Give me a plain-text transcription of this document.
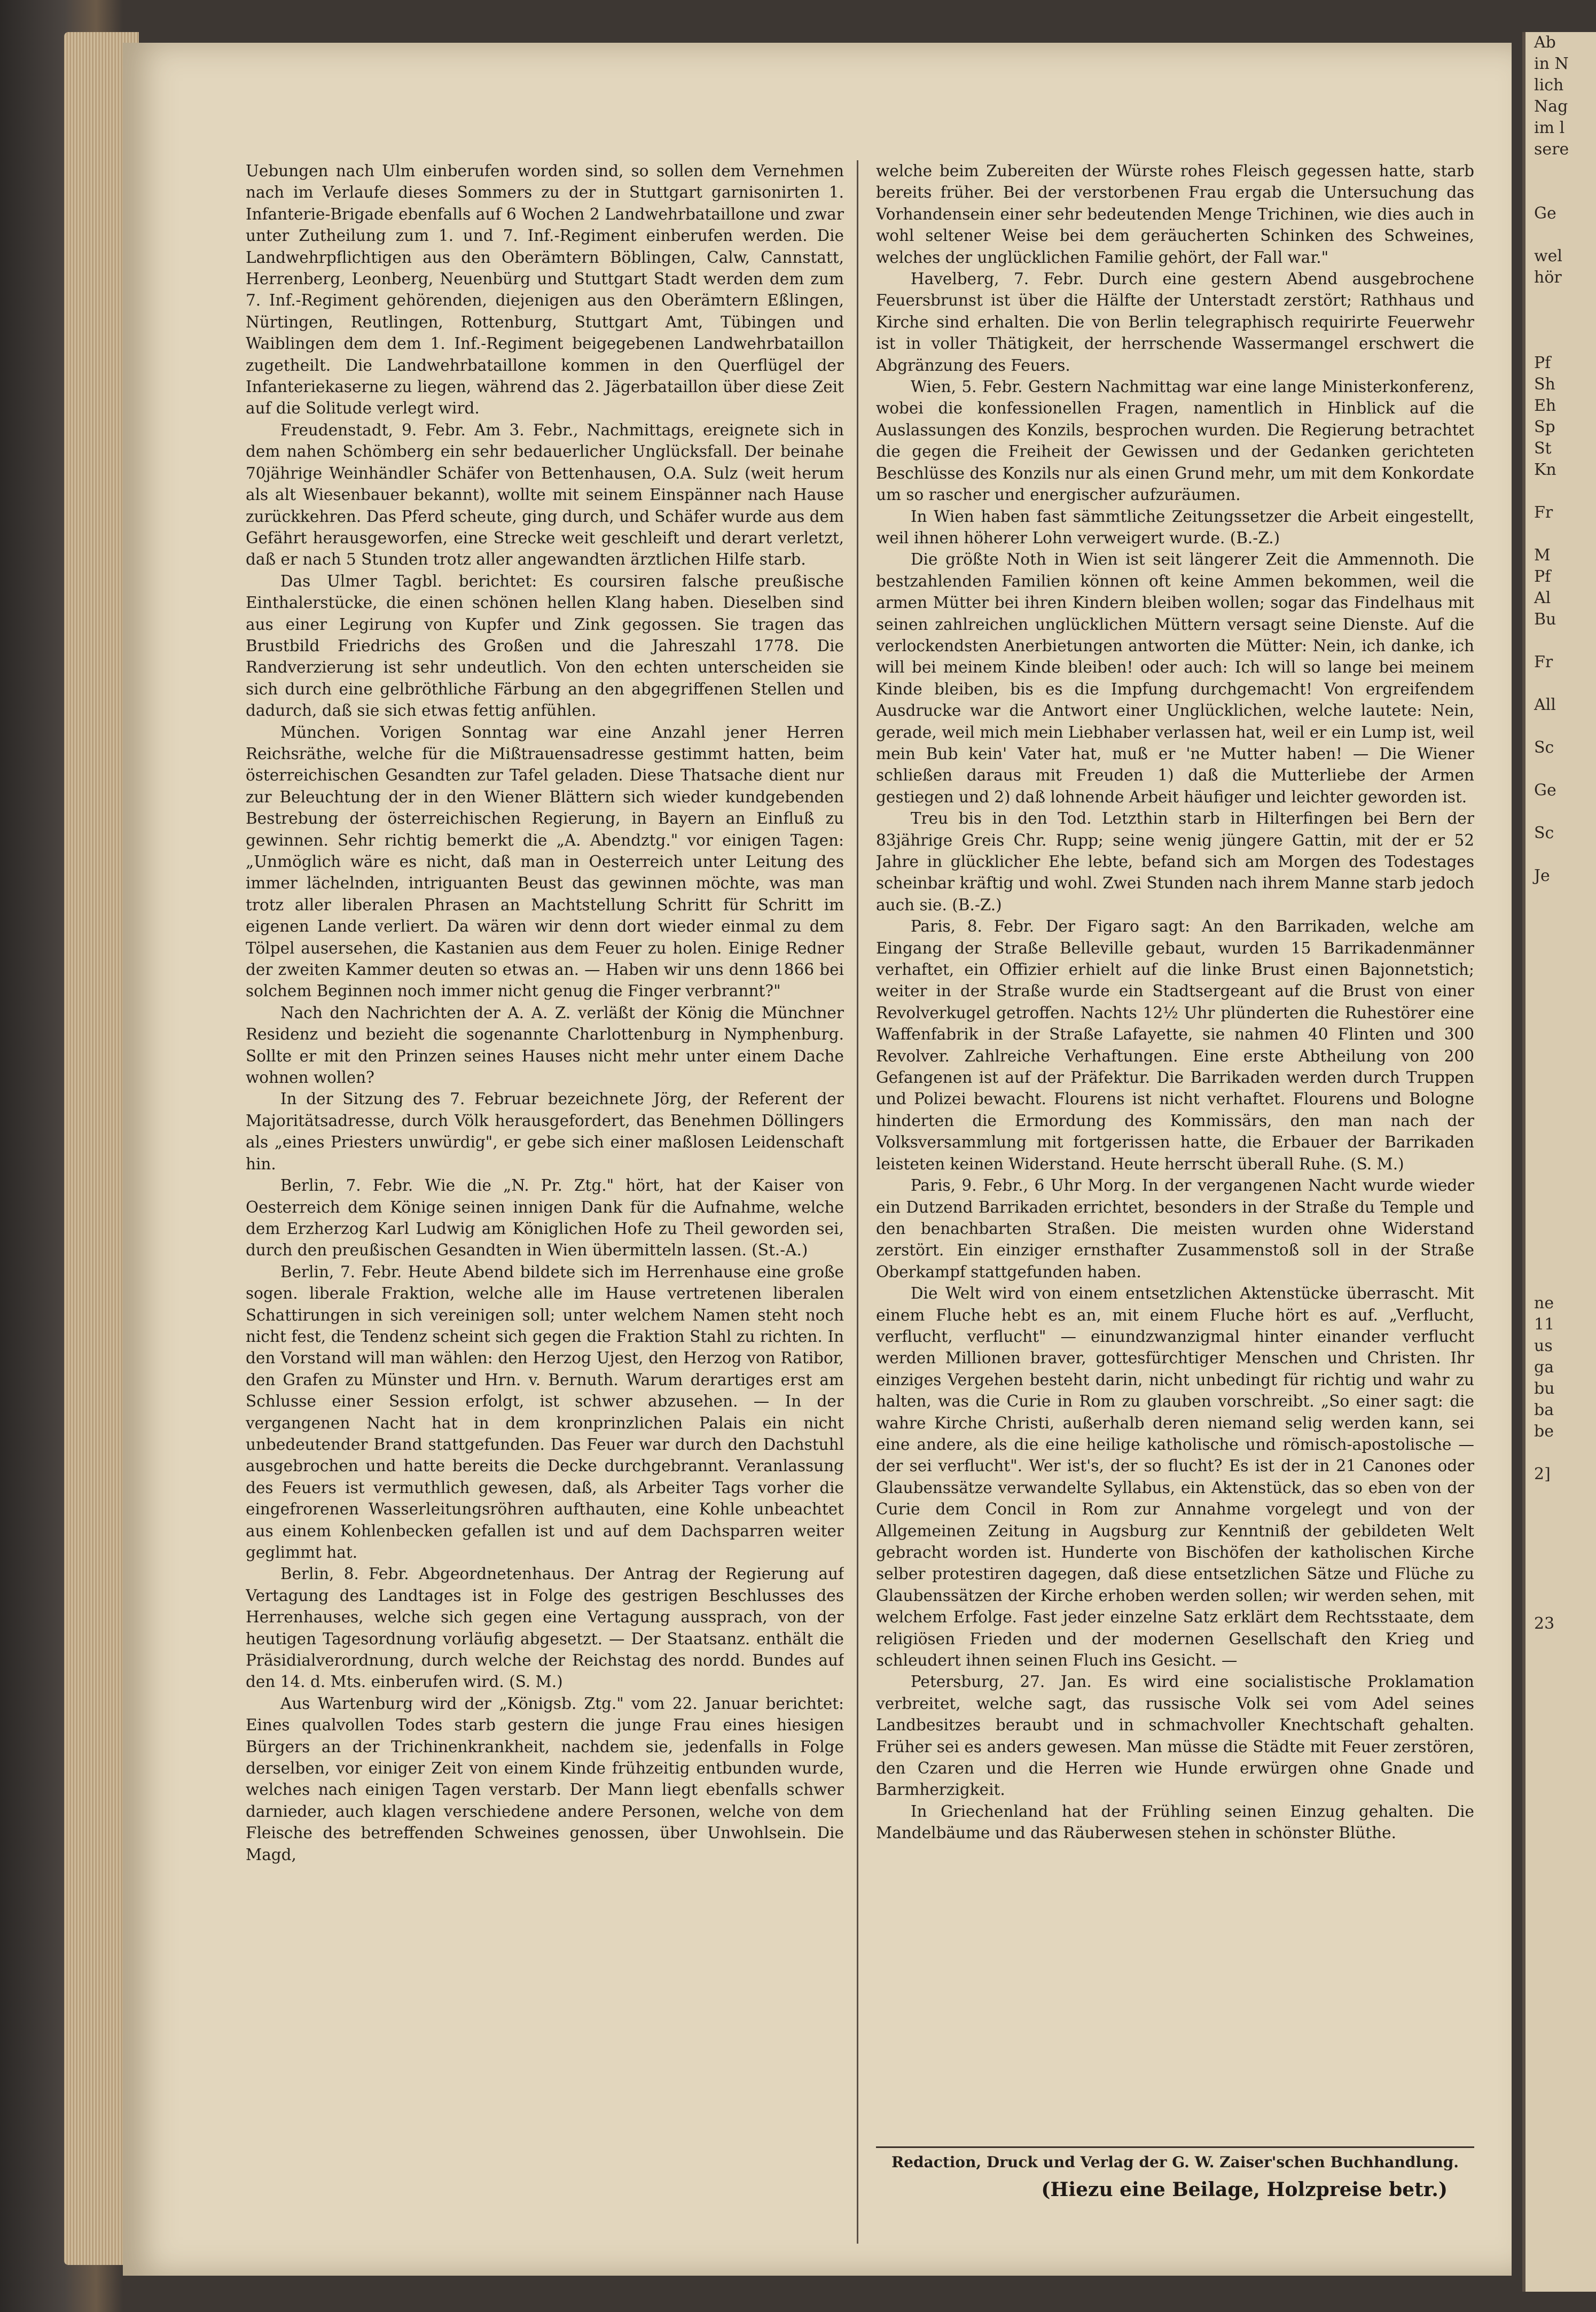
Uebungen nach Ulm einberufen worden sind, so sollen dem Vernehmen nach im Verlaufe dieses Sommers zu der in Stuttgart garnisonirten 1. Infanterie-Brigade ebenfalls auf 6 Wochen 2 Landwehrbataillone und zwar unter Zutheilung zum 1. und 7. Inf.-Regiment einberufen werden. Die Landwehrpflichtigen aus den Oberämtern Böblingen, Calw, Cannstatt, Herrenberg, Leonberg, Neuenbürg und Stuttgart Stadt werden dem zum 7. Inf.-Regiment gehörenden, diejenigen aus den Oberämtern Eßlingen, Nürtingen, Reutlingen, Rottenburg, Stuttgart Amt, Tübingen und Waiblingen dem dem 1. Inf.-Regiment beigegebenen Landwehrbataillon zugetheilt. Die Landwehrbataillone kommen in den Querflügel der Infanteriekaserne zu liegen, während das 2. Jägerbataillon über diese Zeit auf die Solitude verlegt wird.

Freudenstadt, 9. Febr. Am 3. Febr., Nachmittags, ereignete sich in dem nahen Schömberg ein sehr bedauerlicher Unglücksfall. Der beinahe 70jährige Weinhändler Schäfer von Bettenhausen, O.A. Sulz (weit herum als alt Wiesenbauer bekannt), wollte mit seinem Einspänner nach Hause zurückkehren. Das Pferd scheute, ging durch, und Schäfer wurde aus dem Gefährt herausgeworfen, eine Strecke weit geschleift und derart verletzt, daß er nach 5 Stunden trotz aller angewandten ärztlichen Hilfe starb.

Das Ulmer Tagbl. berichtet: Es coursiren falsche preußische Einthalerstücke, die einen schönen hellen Klang haben. Dieselben sind aus einer Legirung von Kupfer und Zink gegossen. Sie tragen das Brustbild Friedrichs des Großen und die Jahreszahl 1778. Die Randverzierung ist sehr undeutlich. Von den echten unterscheiden sie sich durch eine gelbröthliche Färbung an den abgegriffenen Stellen und dadurch, daß sie sich etwas fettig anfühlen.

München. Vorigen Sonntag war eine Anzahl jener Herren Reichsräthe, welche für die Mißtrauensadresse gestimmt hatten, beim österreichischen Gesandten zur Tafel geladen. Diese Thatsache dient nur zur Beleuchtung der in den Wiener Blättern sich wieder kundgebenden Bestrebung der österreichischen Regierung, in Bayern an Einfluß zu gewinnen. Sehr richtig bemerkt die „A. Abendztg." vor einigen Tagen: „Unmöglich wäre es nicht, daß man in Oesterreich unter Leitung des immer lächelnden, intriguanten Beust das gewinnen möchte, was man trotz aller liberalen Phrasen an Machtstellung Schritt für Schritt im eigenen Lande verliert. Da wären wir denn dort wieder einmal zu dem Tölpel ausersehen, die Kastanien aus dem Feuer zu holen. Einige Redner der zweiten Kammer deuten so etwas an. — Haben wir uns denn 1866 bei solchem Beginnen noch immer nicht genug die Finger verbrannt?"

Nach den Nachrichten der A. A. Z. verläßt der König die Münchner Residenz und bezieht die sogenannte Charlottenburg in Nymphenburg. Sollte er mit den Prinzen seines Hauses nicht mehr unter einem Dache wohnen wollen?

In der Sitzung des 7. Februar bezeichnete Jörg, der Referent der Majoritätsadresse, durch Völk herausgefordert, das Benehmen Döllingers als „eines Priesters unwürdig", er gebe sich einer maßlosen Leidenschaft hin.

Berlin, 7. Febr. Wie die „N. Pr. Ztg." hört, hat der Kaiser von Oesterreich dem Könige seinen innigen Dank für die Aufnahme, welche dem Erzherzog Karl Ludwig am Königlichen Hofe zu Theil geworden sei, durch den preußischen Gesandten in Wien übermitteln lassen. (St.-A.)

Berlin, 7. Febr. Heute Abend bildete sich im Herrenhause eine große sogen. liberale Fraktion, welche alle im Hause vertretenen liberalen Schattirungen in sich vereinigen soll; unter welchem Namen steht noch nicht fest, die Tendenz scheint sich gegen die Fraktion Stahl zu richten. In den Vorstand will man wählen: den Herzog Ujest, den Herzog von Ratibor, den Grafen zu Münster und Hrn. v. Bernuth. Warum derartiges erst am Schlusse einer Session erfolgt, ist schwer abzusehen. — In der vergangenen Nacht hat in dem kronprinzlichen Palais ein nicht unbedeutender Brand stattgefunden. Das Feuer war durch den Dachstuhl ausgebrochen und hatte bereits die Decke durchgebrannt. Veranlassung des Feuers ist vermuthlich gewesen, daß, als Arbeiter Tags vorher die eingefrorenen Wasserleitungsröhren aufthauten, eine Kohle unbeachtet aus einem Kohlenbecken gefallen ist und auf dem Dachsparren weiter geglimmt hat.

Berlin, 8. Febr. Abgeordnetenhaus. Der Antrag der Regierung auf Vertagung des Landtages ist in Folge des gestrigen Beschlusses des Herrenhauses, welche sich gegen eine Vertagung aussprach, von der heutigen Tagesordnung vorläufig abgesetzt. — Der Staatsanz. enthält die Präsidialverordnung, durch welche der Reichstag des nordd. Bundes auf den 14. d. Mts. einberufen wird. (S. M.)

Aus Wartenburg wird der „Königsb. Ztg." vom 22. Januar berichtet: Eines qualvollen Todes starb gestern die junge Frau eines hiesigen Bürgers an der Trichinenkrankheit, nachdem sie, jedenfalls in Folge derselben, vor einiger Zeit von einem Kinde frühzeitig entbunden wurde, welches nach einigen Tagen verstarb. Der Mann liegt ebenfalls schwer darnieder, auch klagen verschiedene andere Personen, welche von dem Fleische des betreffenden Schweines genossen, über Unwohlsein. Die Magd,

welche beim Zubereiten der Würste rohes Fleisch gegessen hatte, starb bereits früher. Bei der verstorbenen Frau ergab die Untersuchung das Vorhandensein einer sehr bedeutenden Menge Trichinen, wie dies auch in wohl seltener Weise bei dem geräucherten Schinken des Schweines, welches der unglücklichen Familie gehört, der Fall war."

Havelberg, 7. Febr. Durch eine gestern Abend ausgebrochene Feuersbrunst ist über die Hälfte der Unterstadt zerstört; Rathhaus und Kirche sind erhalten. Die von Berlin telegraphisch requirirte Feuerwehr ist in voller Thätigkeit, der herrschende Wassermangel erschwert die Abgränzung des Feuers.

Wien, 5. Febr. Gestern Nachmittag war eine lange Ministerkonferenz, wobei die konfessionellen Fragen, namentlich in Hinblick auf die Auslassungen des Konzils, besprochen wurden. Die Regierung betrachtet die gegen die Freiheit der Gewissen und der Gedanken gerichteten Beschlüsse des Konzils nur als einen Grund mehr, um mit dem Konkordate um so rascher und energischer aufzuräumen.

In Wien haben fast sämmtliche Zeitungssetzer die Arbeit eingestellt, weil ihnen höherer Lohn verweigert wurde. (B.-Z.)

Die größte Noth in Wien ist seit längerer Zeit die Ammennoth. Die bestzahlenden Familien können oft keine Ammen bekommen, weil die armen Mütter bei ihren Kindern bleiben wollen; sogar das Findelhaus mit seinen zahlreichen unglücklichen Müttern versagt seine Dienste. Auf die verlockendsten Anerbietungen antworten die Mütter: Nein, ich danke, ich will bei meinem Kinde bleiben! oder auch: Ich will so lange bei meinem Kinde bleiben, bis es die Impfung durchgemacht! Von ergreifendem Ausdrucke war die Antwort einer Unglücklichen, welche lautete: Nein, gerade, weil mich mein Liebhaber verlassen hat, weil er ein Lump ist, weil mein Bub kein' Vater hat, muß er 'ne Mutter haben! — Die Wiener schließen daraus mit Freuden 1) daß die Mutterliebe der Armen gestiegen und 2) daß lohnende Arbeit häufiger und leichter geworden ist.

Treu bis in den Tod. Letzthin starb in Hilterfingen bei Bern der 83jährige Greis Chr. Rupp; seine wenig jüngere Gattin, mit der er 52 Jahre in glücklicher Ehe lebte, befand sich am Morgen des Todestages scheinbar kräftig und wohl. Zwei Stunden nach ihrem Manne starb jedoch auch sie. (B.-Z.)

Paris, 8. Febr. Der Figaro sagt: An den Barrikaden, welche am Eingang der Straße Belleville gebaut, wurden 15 Barrikadenmänner verhaftet, ein Offizier erhielt auf die linke Brust einen Bajonnetstich; weiter in der Straße wurde ein Stadtsergeant auf die Brust von einer Revolverkugel getroffen. Nachts 12½ Uhr plünderten die Ruhestörer eine Waffenfabrik in der Straße Lafayette, sie nahmen 40 Flinten und 300 Revolver. Zahlreiche Verhaftungen. Eine erste Abtheilung von 200 Gefangenen ist auf der Präfektur. Die Barrikaden werden durch Truppen und Polizei bewacht. Flourens ist nicht verhaftet. Flourens und Bologne hinderten die Ermordung des Kommissärs, den man nach der Volksversammlung mit fortgerissen hatte, die Erbauer der Barrikaden leisteten keinen Widerstand. Heute herrscht überall Ruhe. (S. M.)

Paris, 9. Febr., 6 Uhr Morg. In der vergangenen Nacht wurde wieder ein Dutzend Barrikaden errichtet, besonders in der Straße du Temple und den benachbarten Straßen. Die meisten wurden ohne Widerstand zerstört. Ein einziger ernsthafter Zusammenstoß soll in der Straße Oberkampf stattgefunden haben.

Die Welt wird von einem entsetzlichen Aktenstücke überrascht. Mit einem Fluche hebt es an, mit einem Fluche hört es auf. „Verflucht, verflucht, verflucht" — einundzwanzigmal hinter einander verflucht werden Millionen braver, gottesfürchtiger Menschen und Christen. Ihr einziges Vergehen besteht darin, nicht unbedingt für richtig und wahr zu halten, was die Curie in Rom zu glauben vorschreibt. „So einer sagt: die wahre Kirche Christi, außerhalb deren niemand selig werden kann, sei eine andere, als die eine heilige katholische und römisch-apostolische — der sei verflucht". Wer ist's, der so flucht? Es ist der in 21 Canones oder Glaubenssätze verwandelte Syllabus, ein Aktenstück, das so eben von der Curie dem Concil in Rom zur Annahme vorgelegt und von der Allgemeinen Zeitung in Augsburg zur Kenntniß der gebildeten Welt gebracht worden ist. Hunderte von Bischöfen der katholischen Kirche selber protestiren dagegen, daß diese entsetzlichen Sätze und Flüche zu Glaubenssätzen der Kirche erhoben werden sollen; wir werden sehen, mit welchem Erfolge. Fast jeder einzelne Satz erklärt dem Rechtsstaate, dem religiösen Frieden und der modernen Gesellschaft den Krieg und schleudert ihnen seinen Fluch ins Gesicht. —

Petersburg, 27. Jan. Es wird eine socialistische Proklamation verbreitet, welche sagt, das russische Volk sei vom Adel seines Landbesitzes beraubt und in schmachvoller Knechtschaft gehalten. Früher sei es anders gewesen. Man müsse die Städte mit Feuer zerstören, den Czaren und die Herren wie Hunde erwürgen ohne Gnade und Barmherzigkeit.

In Griechenland hat der Frühling seinen Einzug gehalten. Die Mandelbäume und das Räuberwesen stehen in schönster Blüthe.

Redaction, Druck und Verlag der G. W. Zaiser'schen Buchhandlung.
(Hiezu eine Beilage, Holzpreise betr.)
Ab
in N
lich
Nag
im l
sere
Ge
wel
hör
Pf
Sh
Eh
Sp
St
Kn
Fr
M
Pf
Al
Bu
Fr
All
Sc
Ge
Sc
Je
ne
11
us
ga
bu
ba
be
2]
23
